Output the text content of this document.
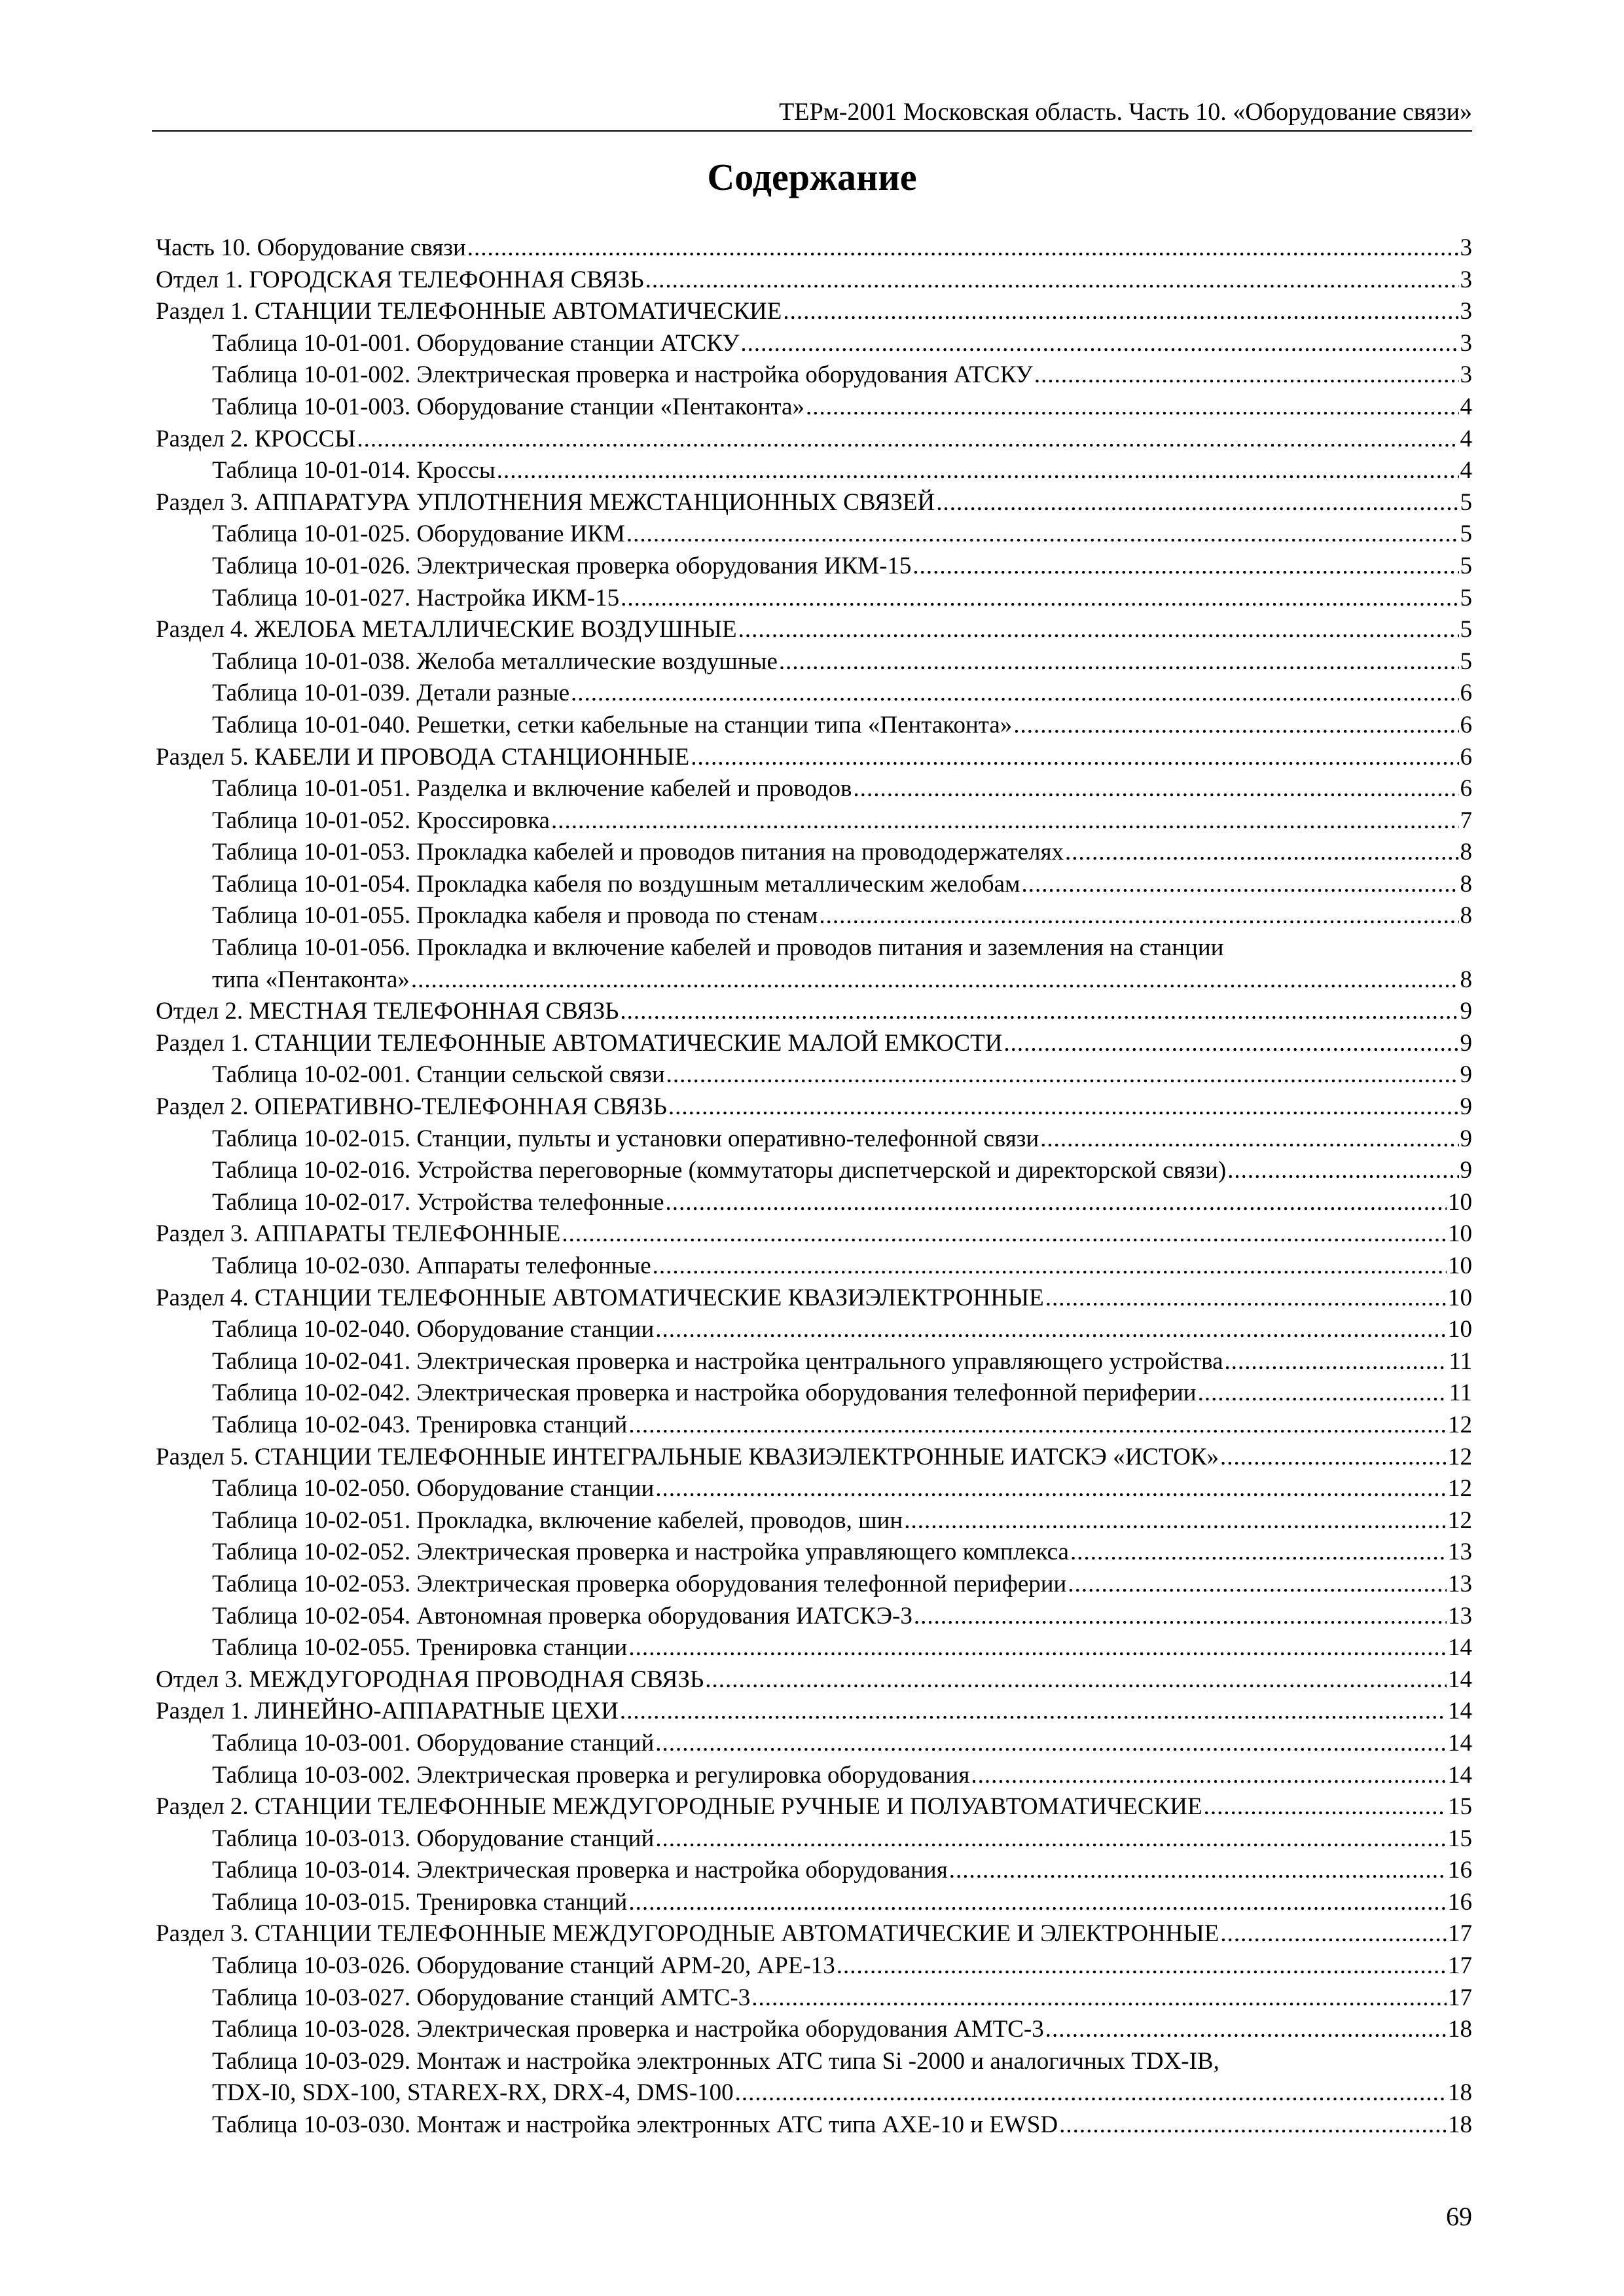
ТЕРм-2001 Московская область. Часть 10. «Оборудование связи»
Содержание
Часть 10. Оборудование связи .....	3
Отдел 1. ГОРОДСКАЯ ТЕЛЕФОННАЯ СВЯЗЬ .....	3
Раздел 1. СТАНЦИИ ТЕЛЕФОННЫЕ АВТОМАТИЧЕСКИЕ .....	3
Таблица 10-01-001. Оборудование станции АТСКУ .....	3
Таблица 10-01-002. Электрическая проверка и настройка оборудования АТСКУ .....	3
Таблица 10-01-003. Оборудование станции «Пентаконта» .....	4
Раздел 2. КРОССЫ .....	4
Таблица 10-01-014. Кроссы .....	4
Раздел 3. АППАРАТУРА УПЛОТНЕНИЯ МЕЖСТАНЦИОННЫХ СВЯЗЕЙ .....	5
Таблица 10-01-025. Оборудование ИКМ .....	5
Таблица 10-01-026. Электрическая проверка оборудования ИКМ-15 .....	5
Таблица 10-01-027. Настройка ИКМ-15 .....	5
Раздел 4. ЖЕЛОБА МЕТАЛЛИЧЕСКИЕ ВОЗДУШНЫЕ .....	5
Таблица 10-01-038. Желоба металлические воздушные .....	5
Таблица 10-01-039. Детали разные .....	6
Таблица 10-01-040. Решетки, сетки кабельные на станции типа «Пентаконта» .....	6
Раздел 5. КАБЕЛИ И ПРОВОДА СТАНЦИОННЫЕ .....	6
Таблица 10-01-051. Разделка и включение кабелей и проводов .....	6
Таблица 10-01-052. Кроссировка .....	7
Таблица 10-01-053. Прокладка кабелей и проводов питания на провододержателях .....	8
Таблица 10-01-054. Прокладка кабеля по воздушным металлическим желобам .....	8
Таблица 10-01-055. Прокладка кабеля и провода по стенам .....	8
Таблица 10-01-056. Прокладка и включение кабелей и проводов питания и заземления на станции
типа «Пентаконта» .....	8
Отдел 2. МЕСТНАЯ ТЕЛЕФОННАЯ СВЯЗЬ .....	9
Раздел 1. СТАНЦИИ ТЕЛЕФОННЫЕ АВТОМАТИЧЕСКИЕ МАЛОЙ ЕМКОСТИ .....	9
Таблица 10-02-001. Станции сельской связи .....	9
Раздел 2. ОПЕРАТИВНО-ТЕЛЕФОННАЯ СВЯЗЬ .....	9
Таблица 10-02-015. Станции, пульты и установки оперативно-телефонной связи .....	9
Таблица 10-02-016. Устройства переговорные (коммутаторы диспетчерской и директорской связи) .....	9
Таблица 10-02-017. Устройства телефонные .....	10
Раздел 3. АППАРАТЫ ТЕЛЕФОННЫЕ .....	10
Таблица 10-02-030. Аппараты телефонные .....	10
Раздел 4. СТАНЦИИ ТЕЛЕФОННЫЕ АВТОМАТИЧЕСКИЕ КВАЗИЭЛЕКТРОННЫЕ .....	10
Таблица 10-02-040. Оборудование станции .....	10
Таблица 10-02-041. Электрическая проверка и настройка центрального управляющего устройства .....	11
Таблица 10-02-042. Электрическая проверка и настройка оборудования телефонной периферии .....	11
Таблица 10-02-043. Тренировка станций .....	12
Раздел 5. СТАНЦИИ ТЕЛЕФОННЫЕ ИНТЕГРАЛЬНЫЕ КВАЗИЭЛЕКТРОННЫЕ ИАТСКЭ «ИСТОК» .....	12
Таблица 10-02-050. Оборудование станции .....	12
Таблица 10-02-051. Прокладка, включение кабелей, проводов, шин .....	12
Таблица 10-02-052. Электрическая проверка и настройка управляющего комплекса .....	13
Таблица 10-02-053. Электрическая проверка оборудования телефонной периферии .....	13
Таблица 10-02-054. Автономная проверка оборудования ИАТСКЭ-3 .....	13
Таблица 10-02-055. Тренировка станции .....	14
Отдел 3. МЕЖДУГОРОДНАЯ ПРОВОДНАЯ СВЯЗЬ .....	14
Раздел 1. ЛИНЕЙНО-АППАРАТНЫЕ ЦЕХИ .....	14
Таблица 10-03-001. Оборудование станций .....	14
Таблица 10-03-002. Электрическая проверка и регулировка оборудования .....	14
Раздел 2. СТАНЦИИ ТЕЛЕФОННЫЕ МЕЖДУГОРОДНЫЕ РУЧНЫЕ И ПОЛУАВТОМАТИЧЕСКИЕ .....	15
Таблица 10-03-013. Оборудование станций .....	15
Таблица 10-03-014. Электрическая проверка и настройка оборудования .....	16
Таблица 10-03-015. Тренировка станций .....	16
Раздел 3. СТАНЦИИ ТЕЛЕФОННЫЕ МЕЖДУГОРОДНЫЕ АВТОМАТИЧЕСКИЕ И ЭЛЕКТРОННЫЕ .....	17
Таблица 10-03-026. Оборудование станций АРМ-20, АРЕ-13 .....	17
Таблица 10-03-027. Оборудование станций АМТС-3 .....	17
Таблица 10-03-028. Электрическая проверка и настройка оборудования АМТС-3 .....	18
Таблица 10-03-029. Монтаж и настройка электронных АТС типа Si -2000 и аналогичных TDX-IB,
TDX-I0, SDX-100, STAREX-RX, DRX-4, DMS-100 .....	18
Таблица 10-03-030. Монтаж и настройка электронных АТС типа АХЕ-10 и EWSD .....	18
69
